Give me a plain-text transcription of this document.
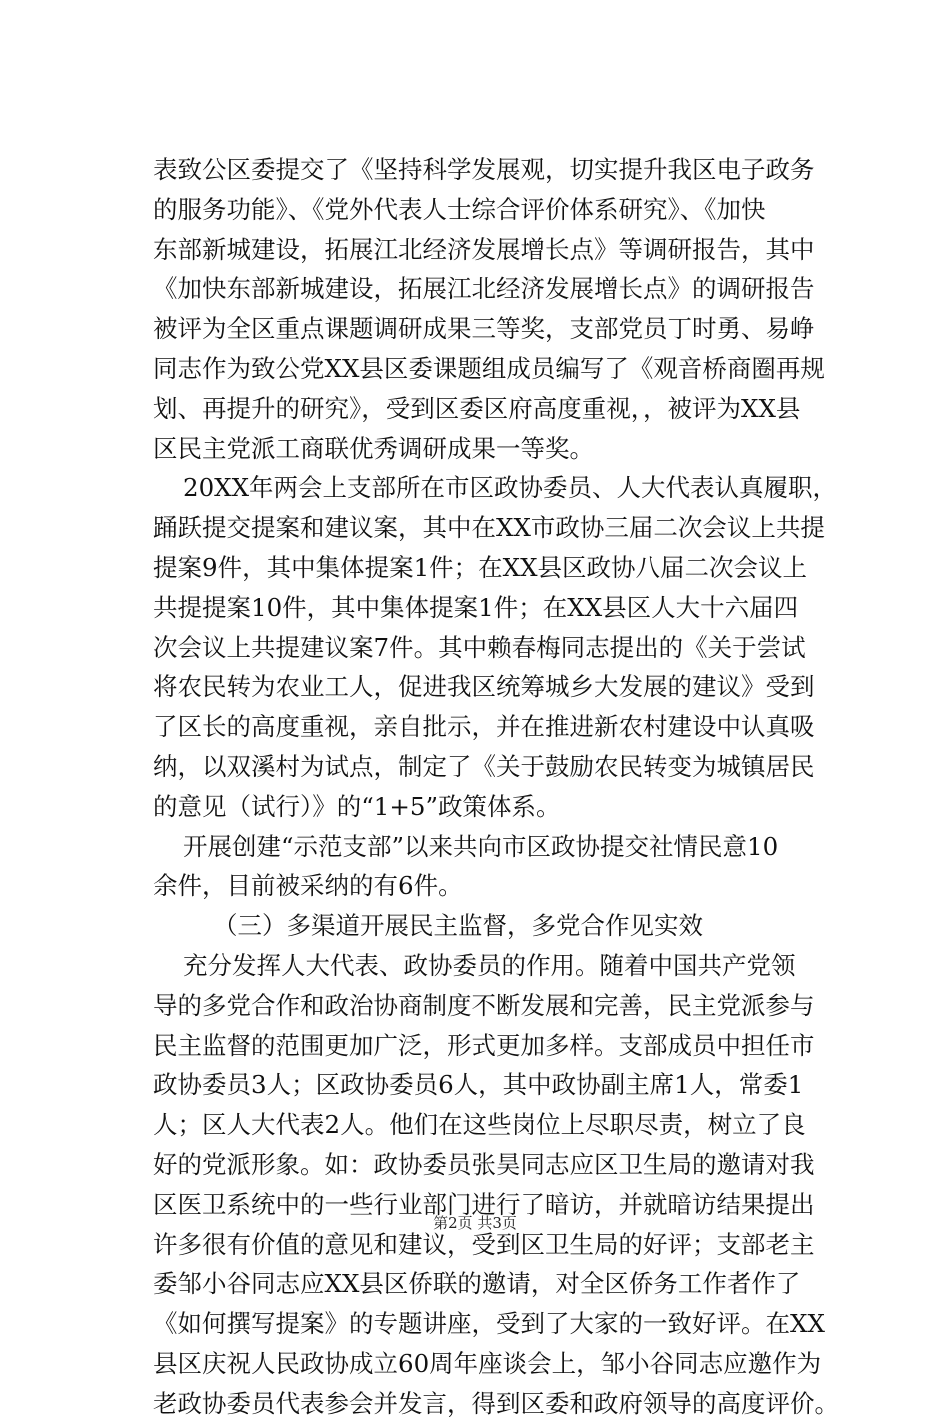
表致公区委提交了《坚持科学发展观，切实提升我区电子政务
的服务功能》、《党外代表人士综合评价体系研究》、《加快
东部新城建设，拓展江北经济发展增长点》等调研报告，其中
《加快东部新城建设，拓展江北经济发展增长点》的调研报告
被评为全区重点课题调研成果三等奖，支部党员丁时勇、易峥
同志作为致公党XX县区委课题组成员编写了《观音桥商圈再规
划、再提升的研究》，受到区委区府高度重视，，被评为XX县
区民主党派工商联优秀调研成果一等奖。
20XX年两会上支部所在市区政协委员、人大代表认真履职，
踊跃提交提案和建议案，其中在XX市政协三届二次会议上共提
提案9件，其中集体提案1件；在XX县区政协八届二次会议上
共提提案10件，其中集体提案1件；在XX县区人大十六届四
次会议上共提建议案7件。其中赖春梅同志提出的《关于尝试
将农民转为农业工人，促进我区统筹城乡大发展的建议》受到
了区长的高度重视，亲自批示，并在推进新农村建设中认真吸
纳，以双溪村为试点，制定了《关于鼓励农民转变为城镇居民
的意见（试行）》的“1+5”政策体系。
开展创建“示范支部”以来共向市区政协提交社情民意10
余件，目前被采纳的有6件。
（三）多渠道开展民主监督，多党合作见实效
充分发挥人大代表、政协委员的作用。随着中国共产党领
导的多党合作和政治协商制度不断发展和完善，民主党派参与
民主监督的范围更加广泛，形式更加多样。支部成员中担任市
政协委员3人；区政协委员6人，其中政协副主席1人，常委1
人；区人大代表2人。他们在这些岗位上尽职尽责，树立了良
好的党派形象。如：政协委员张昊同志应区卫生局的邀请对我
区医卫系统中的一些行业部门进行了暗访，并就暗访结果提出
许多很有价值的意见和建议，受到区卫生局的好评；支部老主
委邹小谷同志应XX县区侨联的邀请，对全区侨务工作者作了
《如何撰写提案》的专题讲座，受到了大家的一致好评。在XX
县区庆祝人民政协成立60周年座谈会上，邹小谷同志应邀作为
老政协委员代表参会并发言，得到区委和政府领导的高度评价。
第2页 共3页
